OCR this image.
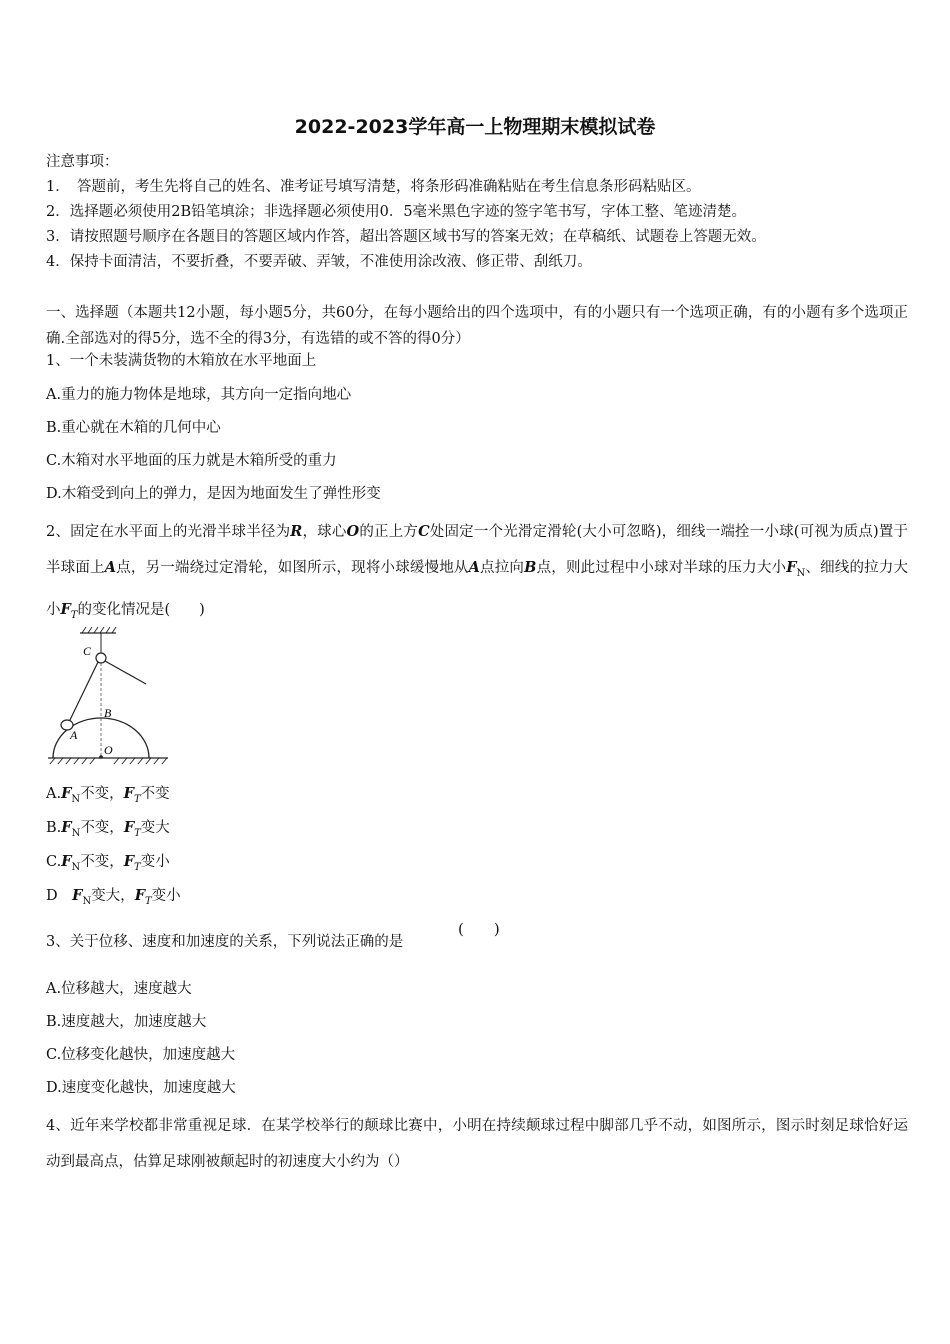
2022-2023学年高一上物理期末模拟试卷
注意事项：
1．　答题前，考生先将自己的姓名、准考证号填写清楚，将条形码准确粘贴在考生信息条形码粘贴区。
2．选择题必须使用2B铅笔填涂；非选择题必须使用0．5毫米黑色字迹的签字笔书写，字体工整、笔迹清楚。
3．请按照题号顺序在各题目的答题区域内作答，超出答题区域书写的答案无效；在草稿纸、试题卷上答题无效。
4．保持卡面清洁，不要折叠，不要弄破、弄皱，不准使用涂改液、修正带、刮纸刀。
一、选择题（本题共12小题，每小题5分，共60分，在每小题给出的四个选项中，有的小题只有一个选项正确，有的小题有多个选项正确.全部选对的得5分，选不全的得3分，有选错的或不答的得0分）
1、一个未装满货物的木箱放在水平地面上
A.重力的施力物体是地球，其方向一定指向地心
B.重心就在木箱的几何中心
C.木箱对水平地面的压力就是木箱所受的重力
D.木箱受到向上的弹力，是因为地面发生了弹性形变
2、固定在水平面上的光滑半球半径为R，球心O的正上方C处固定一个光滑定滑轮(大小可忽略)，细线一端拴一小球(可视为质点)置于半球面上A点，另一端绕过定滑轮，如图所示，现将小球缓慢地从A点拉向B点，则此过程中小球对半球的压力大小$F_N$、细线的拉力大小$F_T$的变化情况是(　　)
C
B
A
O
$A.F_N$不变，$F_T$不变
$B.F_N$不变，$F_T$变大
$C.F_N$不变，$F_T$变小
D　$F_N$变大，$F_T$变小
3、关于位移、速度和加速度的关系，下列说法正确的是
(　　)
A.位移越大，速度越大
B.速度越大，加速度越大
C.位移变化越快，加速度越大
D.速度变化越快，加速度越大
4、近年来学校都非常重视足球．在某学校举行的颠球比赛中，小明在持续颠球过程中脚部几乎不动，如图所示，图示时刻足球恰好运动到最高点，估算足球刚被颠起时的初速度大小约为（）
